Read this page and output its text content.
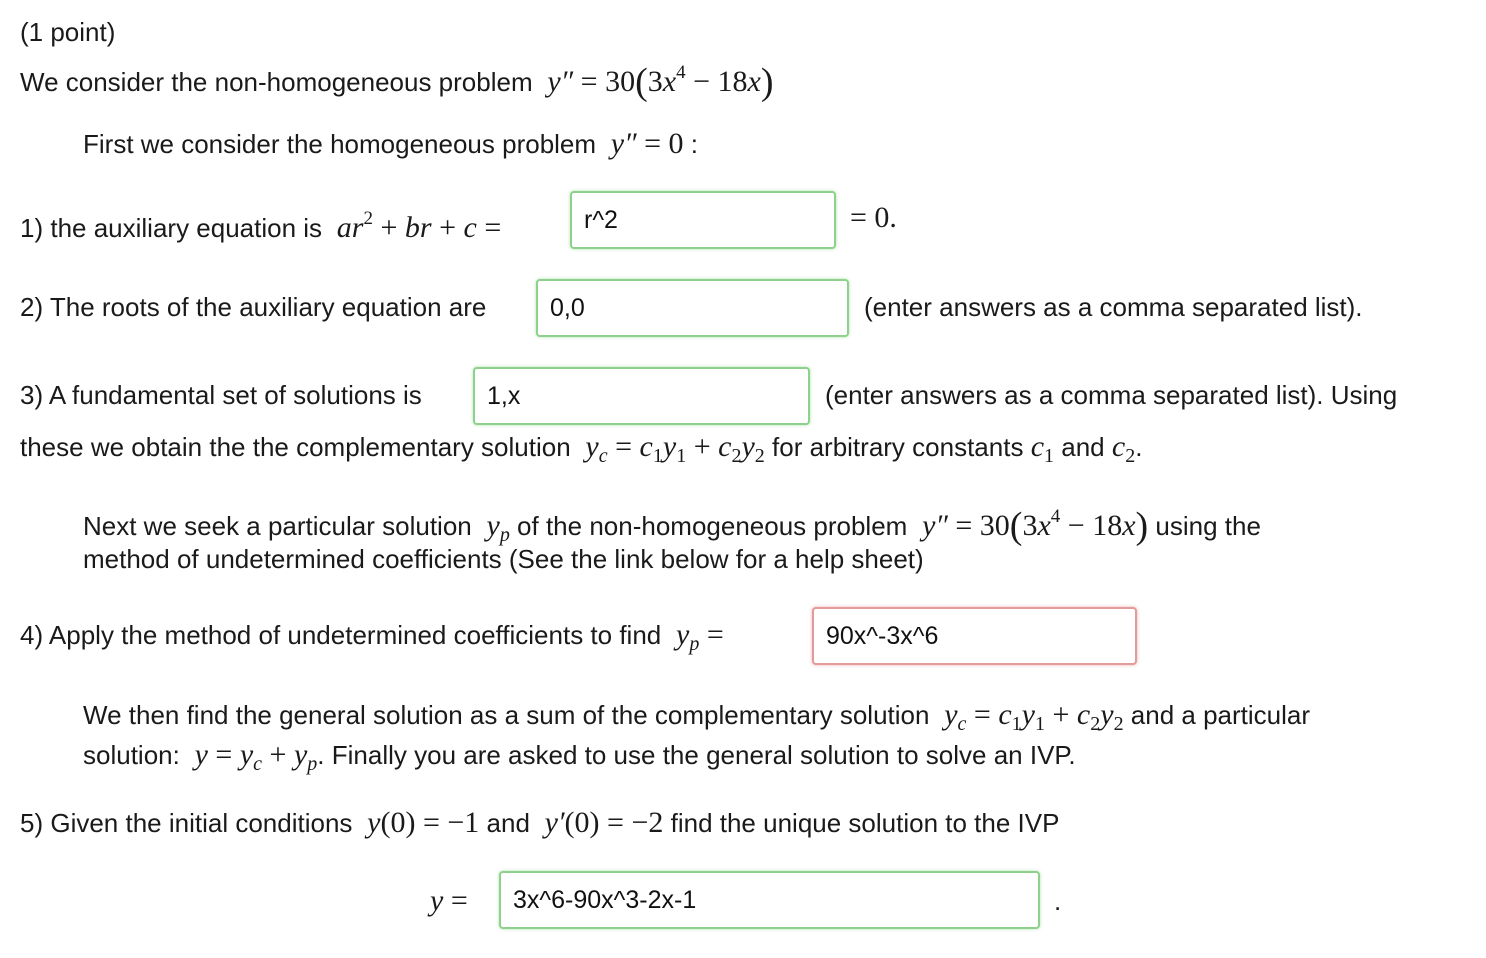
(1 point)
We consider the non-homogeneous problem  $y'' = 30(3x^4 - 18x)$
First we consider the homogeneous problem  y″ = 0 :
1) the auxiliary equation is  $ar^2$ + br + c =
r^2	= 0.
2) The roots of the auxiliary equation are
0,0	(enter answers as a comma separated list).
3) A fundamental set of solutions is
1,x	(enter answers as a comma separated list). Using
these we obtain the the complementary solution  $y_c = c_1y_1 + c_2y_2$ for arbitrary constants $c_1$ and $c_2$.
Next we seek a particular solution  $y_p$ of the non-homogeneous problem  $y'' = 30(3x^4 - 18x)$ using the
method of undetermined coefficients (See the link below for a help sheet)
4) Apply the method of undetermined coefficients to find  $y_p$ =
90x^-3x^6
We then find the general solution as a sum of the complementary solution  $y_c = c_1y_1 + c_2y_2$ and a particular
solution:  $y = y_c + y_p$. Finally you are asked to use the general solution to solve an IVP.
5) Given the initial conditions  y(0) = −1 and  y′(0) = −2 find the unique solution to the IVP
y =
3x^6-90x^3-2x-1	.
